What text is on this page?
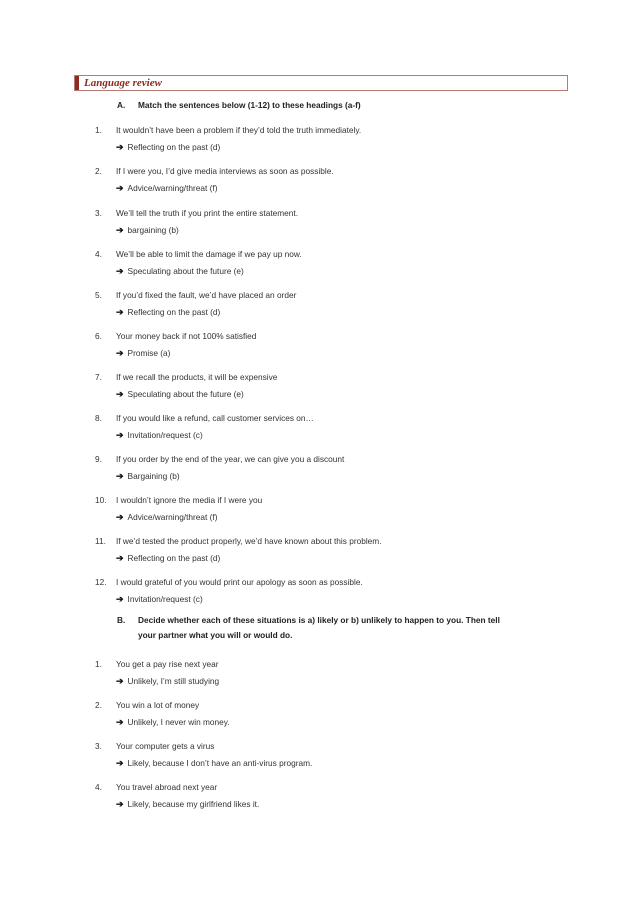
Language review
A. Match the sentences below (1-12) to these headings (a-f)
1.	It wouldn’t have been a problem if they’d told the truth immediately.
➔ Reflecting on the past (d)
2.	If I were you, I’d give media interviews as soon as possible.
➔ Advice/warning/threat (f)
3.	We’ll tell the truth if you print the entire statement.
➔ bargaining (b)
4.	We’ll be able to limit the damage if we pay up now.
➔ Speculating about the future (e)
5.	If you’d fixed the fault, we’d have placed an order
➔ Reflecting on the past (d)
6.	Your money back if not 100% satisfied
➔ Promise (a)
7.	If we recall the products, it will be expensive
➔ Speculating about the future (e)
8.	If you would like a refund, call customer services on…
➔ Invitation/request (c)
9.	If you order by the end of the year, we can give you a discount
➔ Bargaining (b)
10.	I wouldn’t ignore the media if I were you
➔ Advice/warning/threat (f)
11.	If we’d tested the product properly, we’d have known about this problem.
➔ Reflecting on the past (d)
12.	I would grateful of you would print our apology as soon as possible.
➔ Invitation/request (c)
B. Decide whether each of these situations is a) likely or b) unlikely to happen to you. Then tell
your partner what you will or would do.
1.	You get a pay rise next year
➔ Unlikely, I’m still studying
2.	You win a lot of money
➔ Unlikely, I never win money.
3.	Your computer gets a virus
➔ Likely, because I don’t have an anti-virus program.
4.	You travel abroad next year
➔ Likely, because my girlfriend likes it.
